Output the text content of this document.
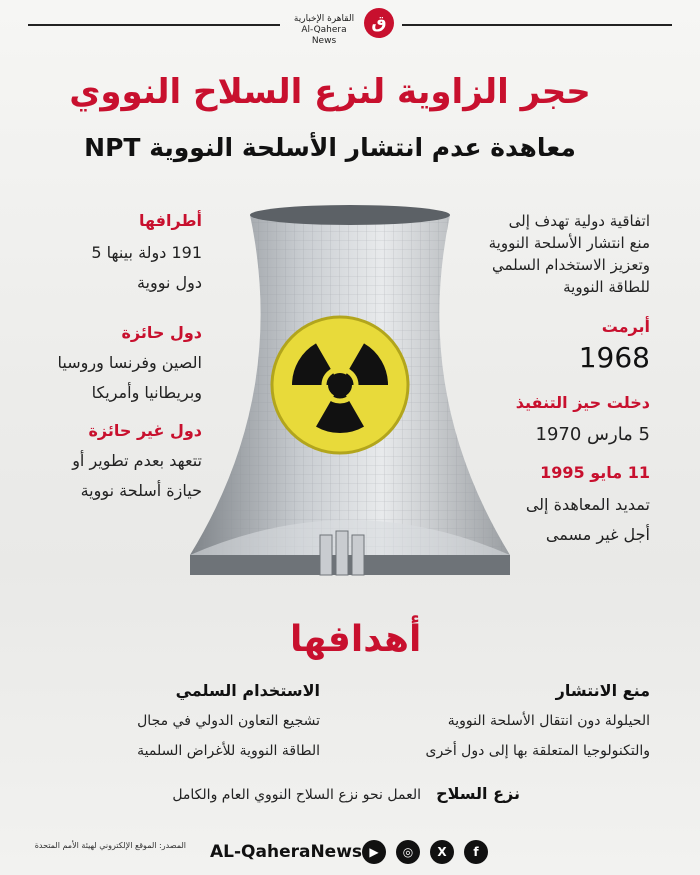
القاهرة الإخبارية
Al-Qahera News
ق
حجر الزاوية لنزع السلاح النووي
معاهدة عدم انتشار الأسلحة النووية NPT
أطرافها
191 دولة بينها 5
دول نووية
دول حائزة
الصين وفرنسا وروسيا
وبريطانيا وأمريكا
دول غير حائزة
تتعهد بعدم تطوير أو
حيازة أسلحة نووية
اتفاقية دولية تهدف إلى
منع انتشار الأسلحة النووية
وتعزيز الاستخدام السلمي
للطاقة النووية
أبرمت
1968
دخلت حيز التنفيذ
5 مارس 1970
11 مايو 1995
تمديد المعاهدة إلى
أجل غير مسمى
أهدافها
منع الانتشار
الحيلولة دون انتقال الأسلحة النووية
والتكنولوجيا المتعلقة بها إلى دول أخرى
الاستخدام السلمي
تشجيع التعاون الدولي في مجال
الطاقة النووية للأغراض السلمية
نزع السلاح العمل نحو نزع السلاح النووي العام والكامل
المصدر: الموقع الإلكتروني لهيئة الأمم المتحدة AL-QaheraNews ▶	◎	X	f
